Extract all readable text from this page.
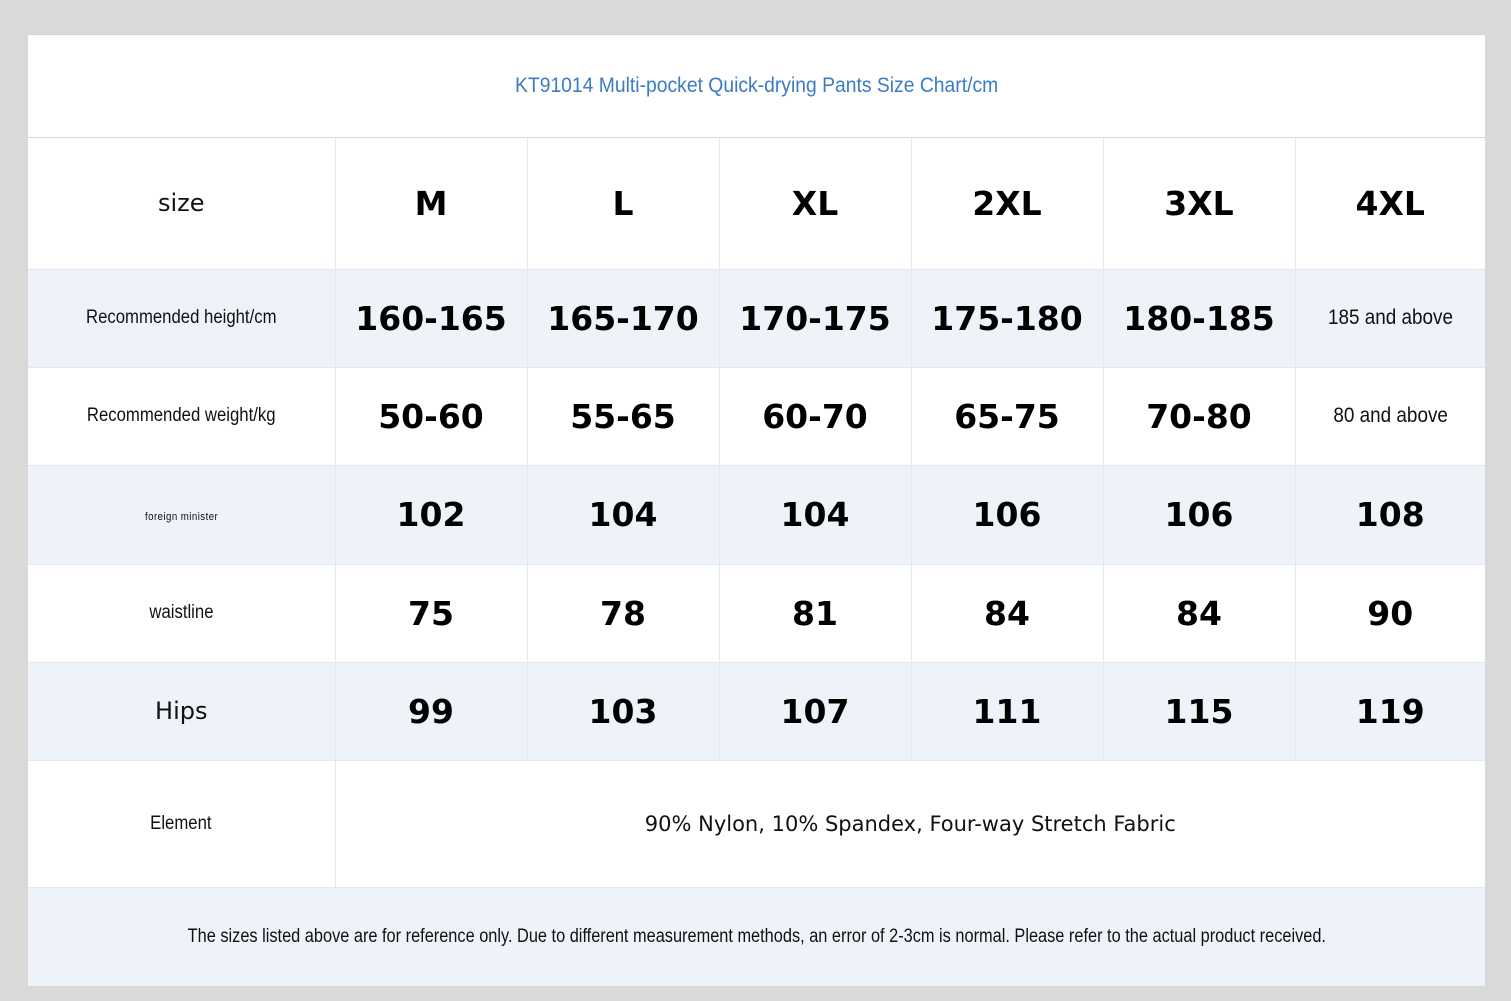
KT91014 Multi-pocket Quick-drying Pants Size Chart/cm
size	M	L	XL	2XL	3XL	4XL
Recommended height/cm	160-165	165-170	170-175	175-180	180-185	185 and above
Recommended weight/kg	50-60	55-65	60-70	65-75	70-80	80 and above
foreign minister	102	104	104	106	106	108
waistline	75	78	81	84	84	90
Hips	99	103	107	111	115	119
Element	90% Nylon, 10% Spandex, Four-way Stretch Fabric					
The sizes listed above are for reference only. Due to different measurement methods, an error of 2-3cm is normal. Please refer to the actual product received.
